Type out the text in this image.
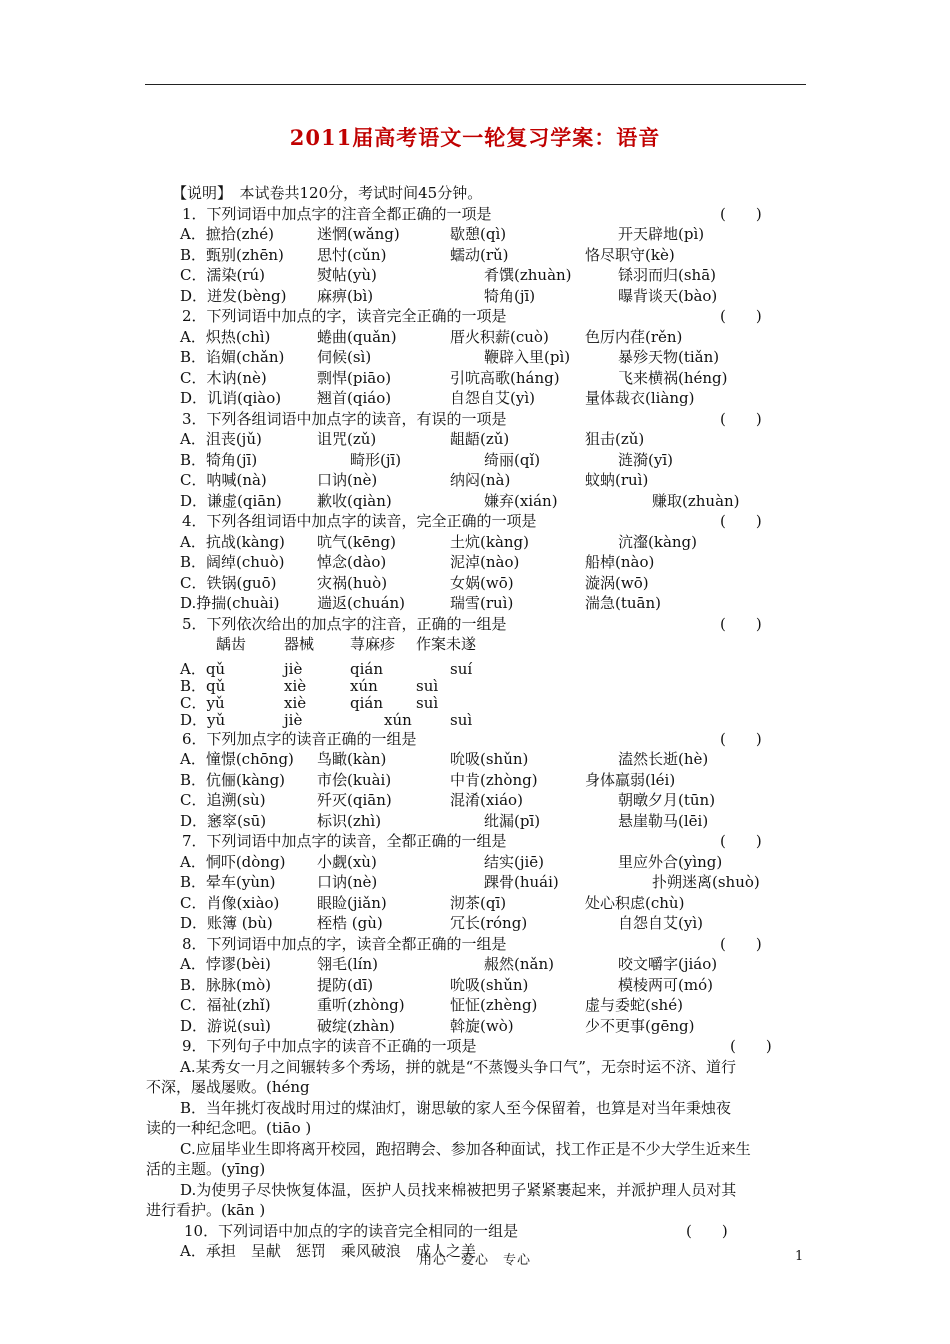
2011届高考语文一轮复习学案：语音
【说明】　本试卷共120分，考试时间45分钟。
1．下列词语中加点字的注音全都正确的一项是	(　　)
A．摭拾(zhé)	迷惘(wǎng)	歇憩(qì)	开天辟地(pì)
B．甄别(zhēn) 思忖(cǔn)	蠕动(rǔ)	恪尽职守(kè)
C．濡染(rú)	熨帖(yù)	肴馔(zhuàn)	铩羽而归(shā)
D．迸发(bèng) 麻痹(bì)	犄角(jī)	曝背谈天(bào)
2．下列词语中加点的字，读音完全正确的一项是	(　　)
A．炽热(chì)	蜷曲(quǎn)	厝火积薪(cuò) 色厉内荏(rěn)
B．谄媚(chǎn) 伺候(sì)	鞭辟入里(pì)	暴殄天物(tiǎn)
C．木讷(nè)	剽悍(piāo)	引吭高歌(háng)	飞来横祸(héng)
D．讥诮(qiào) 翘首(qiáo)	自怨自艾(yì)	量体裁衣(liàng)
3．下列各组词语中加点字的读音，有误的一项是	(　　)
A．沮丧(jǔ)	诅咒(zǔ)	龃龉(zǔ)	狙击(zǔ)
B．犄角(jī)	畸形(jī)	绮丽(qǐ)	涟漪(yī)
C．呐喊(nà)	口讷(nè)	纳闷(nà)	蚊蚋(ruì)
D．谦虚(qiān) 歉收(qiàn)	嫌弃(xián)	赚取(zhuàn)
4．下列各组词语中加点字的读音，完全正确的一项是	(　　)
A．抗战(kàng) 吭气(kēng)	土炕(kàng)	沆瀣(kàng)
B．阔绰(chuò) 悼念(dào)	泥淖(nào)	船棹(nào)
C．铁锅(guō)	灾祸(huò)	女娲(wō)	漩涡(wō)
D.挣揣(chuài)	遄返(chuán)	瑞雪(ruì)	湍急(tuān)
5．下列依次给出的加点字的注音，正确的一组是	(　　)
龋齿	器械 荨麻疹 作案未遂
A．qǔ	jiè	qián	suí
B．qǔ	xiè	xún	suì
C．yǔ	xiè	qián suì
D．yǔ	jiè	xún	suì
6．下列加点字的读音正确的一组是	(　　)
A．憧憬(chōng) 鸟瞰(kàn)	吮吸(shǔn)	溘然长逝(hè)
B．伉俪(kàng) 市侩(kuài)	中肯(zhòng)	身体羸弱(léi)
C．追溯(sù)	歼灭(qiān)	混淆(xiáo)	朝暾夕月(tūn)
D．窸窣(sū)	标识(zhì)	纰漏(pī)	悬崖勒马(lēi)
7．下列词语中加点字的读音，全都正确的一组是	(　　)
A．恫吓(dòng) 小觑(xù)	结实(jiē)	里应外合(yìng)
B．晕车(yùn)	口讷(nè)	踝骨(huái)	扑朔迷离(shuò)
C．肖像(xiào)	眼睑(jiǎn)	沏茶(qī)	处心积虑(chù)
D．账簿 (bù)	桎梏 (gù)	冗长(róng)	自怨自艾(yì)
8．下列词语中加点的字，读音全都正确的一组是	(　　)
A．悖谬(bèi)	翎毛(lín)	赧然(nǎn)	咬文嚼字(jiáo)
B．脉脉(mò)	提防(dī)	吮吸(shǔn)	模棱两可(mó)
C．福祉(zhǐ)	重听(zhòng)	怔怔(zhèng)	虚与委蛇(shé)
D．游说(suì)	破绽(zhàn)	斡旋(wò)	少不更事(gēng)
9．下列句子中加点字的读音不正确的一项是	(　　)
A.某秀女一月之间辗转多个秀场，拼的就是“不蒸馒头争口气”，无奈时运不济、道行
不深，屡战屡败。(héng
B．当年挑灯夜战时用过的煤油灯，谢思敏的家人至今保留着，也算是对当年秉烛夜
读的一种纪念吧。(tiāo )
C.应届毕业生即将离开校园，跑招聘会、参加各种面试，找工作正是不少大学生近来生
活的主题。(yīng)
D.为使男子尽快恢复体温，医护人员找来棉被把男子紧紧裹起来，并派护理人员对其
进行看护。(kān )
10．下列词语中加点的字的读音完全相同的一组是	(　　)
A．承担　呈献　惩罚　乘风破浪　成人之美
用心　爱心　专心	1
